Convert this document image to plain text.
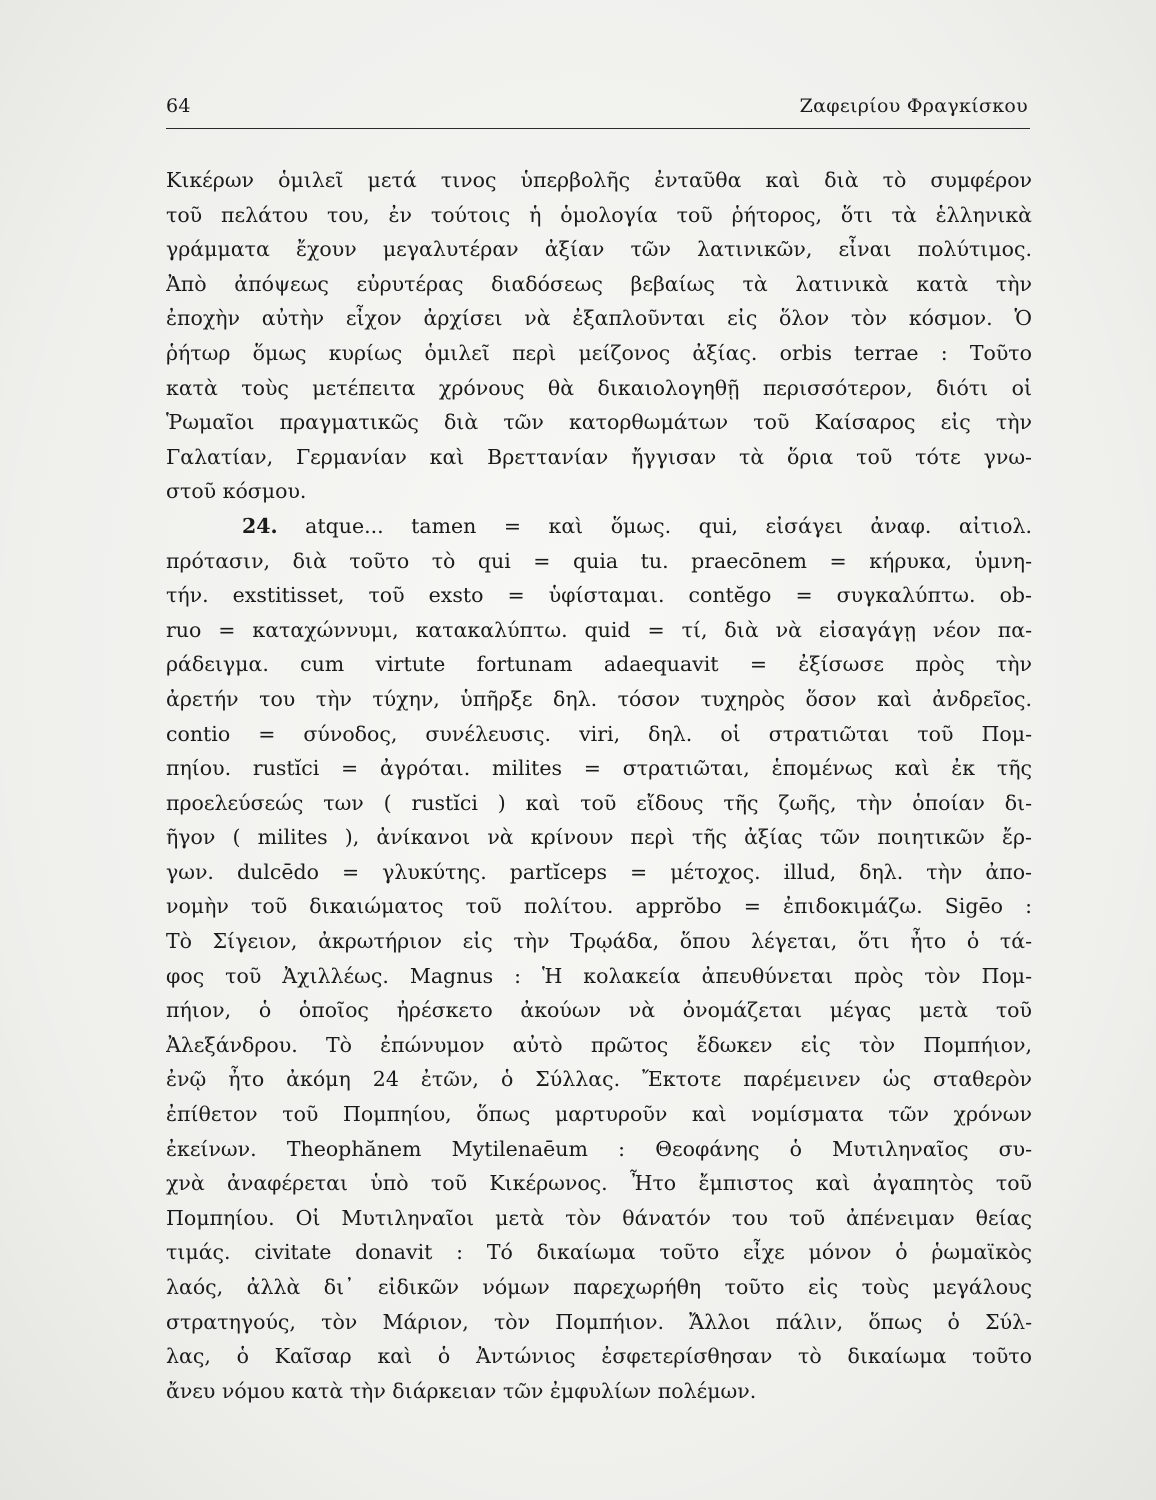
64	Ζαφειρίου Φραγκίσκου
Κικέρων ὁμιλεῖ μετά τινος ὑπερβολῆς ἐνταῦθα καὶ διὰ τὸ συμφέρον
τοῦ πελάτου του, ἐν τούτοις ἡ ὁμολογία τοῦ ῥήτορος, ὅτι τὰ ἑλληνικὰ
γράμματα ἔχουν μεγαλυτέραν ἀξίαν τῶν λατινικῶν, εἶναι πολύτιμος.
Ἀπὸ ἀπόψεως εὐρυτέρας διαδόσεως βεβαίως τὰ λατινικὰ κατὰ τὴν
ἐποχὴν αὐτὴν εἶχον ἀρχίσει νὰ ἐξαπλοῦνται εἰς ὅλον τὸν κόσμον. Ὁ
ῥήτωρ ὅμως κυρίως ὁμιλεῖ περὶ μείζονος ἀξίας. orbis terrae : Τοῦτο
κατὰ τοὺς μετέπειτα χρόνους θὰ δικαιολογηθῇ περισσότερον, διότι οἱ
Ῥωμαῖοι πραγματικῶς διὰ τῶν κατορθωμάτων τοῦ Καίσαρος εἰς τὴν
Γαλατίαν, Γερμανίαν καὶ Βρεττανίαν ἤγγισαν τὰ ὅρια τοῦ τότε γνω-
στοῦ κόσμου.
24. atque... tamen = καὶ ὅμως. qui, εἰσάγει ἀναφ. αἰτιολ.
πρότασιν, διὰ τοῦτο τὸ qui = quia tu. praecōnem = κήρυκα, ὑμνη-
τήν. exstitisset, τοῦ exsto = ὑφίσταμαι. contĕgo = συγκαλύπτω. ob-
ruo = καταχώννυμι, κατακαλύπτω. quid = τί, διὰ νὰ εἰσαγάγῃ νέον πα-
ράδειγμα. cum virtute fortunam adaequavit = ἐξίσωσε πρὸς τὴν
ἀρετήν του τὴν τύχην, ὑπῆρξε δηλ. τόσον τυχηρὸς ὅσον καὶ ἀνδρεῖος.
contio = σύνοδος, συνέλευσις. viri, δηλ. οἱ στρατιῶται τοῦ Πομ-
πηίου. rustĭci = ἀγρόται. milites = στρατιῶται, ἑπομένως καὶ ἐκ τῆς
προελεύσεώς των ( rustĭci ) καὶ τοῦ εἴδους τῆς ζωῆς, τὴν ὁποίαν δι-
ῆγον ( milites ), ἀνίκανοι νὰ κρίνουν περὶ τῆς ἀξίας τῶν ποιητικῶν ἔρ-
γων. dulcēdo = γλυκύτης. partĭceps = μέτοχος. illud, δηλ. τὴν ἀπο-
νομὴν τοῦ δικαιώματος τοῦ πολίτου. apprŏbo = ἐπιδοκιμάζω. Sigēo :
Τὸ Σίγειον, ἀκρωτήριον εἰς τὴν Τρῳάδα, ὅπου λέγεται, ὅτι ἦτο ὁ τά-
φος τοῦ Ἀχιλλέως. Magnus : Ἡ κολακεία ἀπευθύνεται πρὸς τὸν Πομ-
πήιον, ὁ ὁποῖος ἠρέσκετο ἀκούων νὰ ὀνομάζεται μέγας μετὰ τοῦ
Ἀλεξάνδρου. Τὸ ἐπώνυμον αὐτὸ πρῶτος ἔδωκεν εἰς τὸν Πομπήιον,
ἐνῷ ἦτο ἀκόμη 24 ἐτῶν, ὁ Σύλλας. Ἔκτοτε παρέμεινεν ὡς σταθερὸν
ἐπίθετον τοῦ Πομπηίου, ὅπως μαρτυροῦν καὶ νομίσματα τῶν χρόνων
ἐκείνων. Theophănem Mytilenaēum : Θεοφάνης ὁ Μυτιληναῖος συ-
χνὰ ἀναφέρεται ὑπὸ τοῦ Κικέρωνος. Ἦτο ἔμπιστος καὶ ἀγαπητὸς τοῦ
Πομπηίου. Οἱ Μυτιληναῖοι μετὰ τὸν θάνατόν του τοῦ ἀπένειμαν θείας
τιμάς. civitate donavit : Τό δικαίωμα τοῦτο εἶχε μόνον ὁ ῥωμαϊκὸς
λαός, ἀλλὰ δι᾽ εἰδικῶν νόμων παρεχωρήθη τοῦτο εἰς τοὺς μεγάλους
στρατηγούς, τὸν Μάριον, τὸν Πομπήιον. Ἄλλοι πάλιν, ὅπως ὁ Σύλ-
λας, ὁ Καῖσαρ καὶ ὁ Ἀντώνιος ἐσφετερίσθησαν τὸ δικαίωμα τοῦτο
ἄνευ νόμου κατὰ τὴν διάρκειαν τῶν ἐμφυλίων πολέμων.
